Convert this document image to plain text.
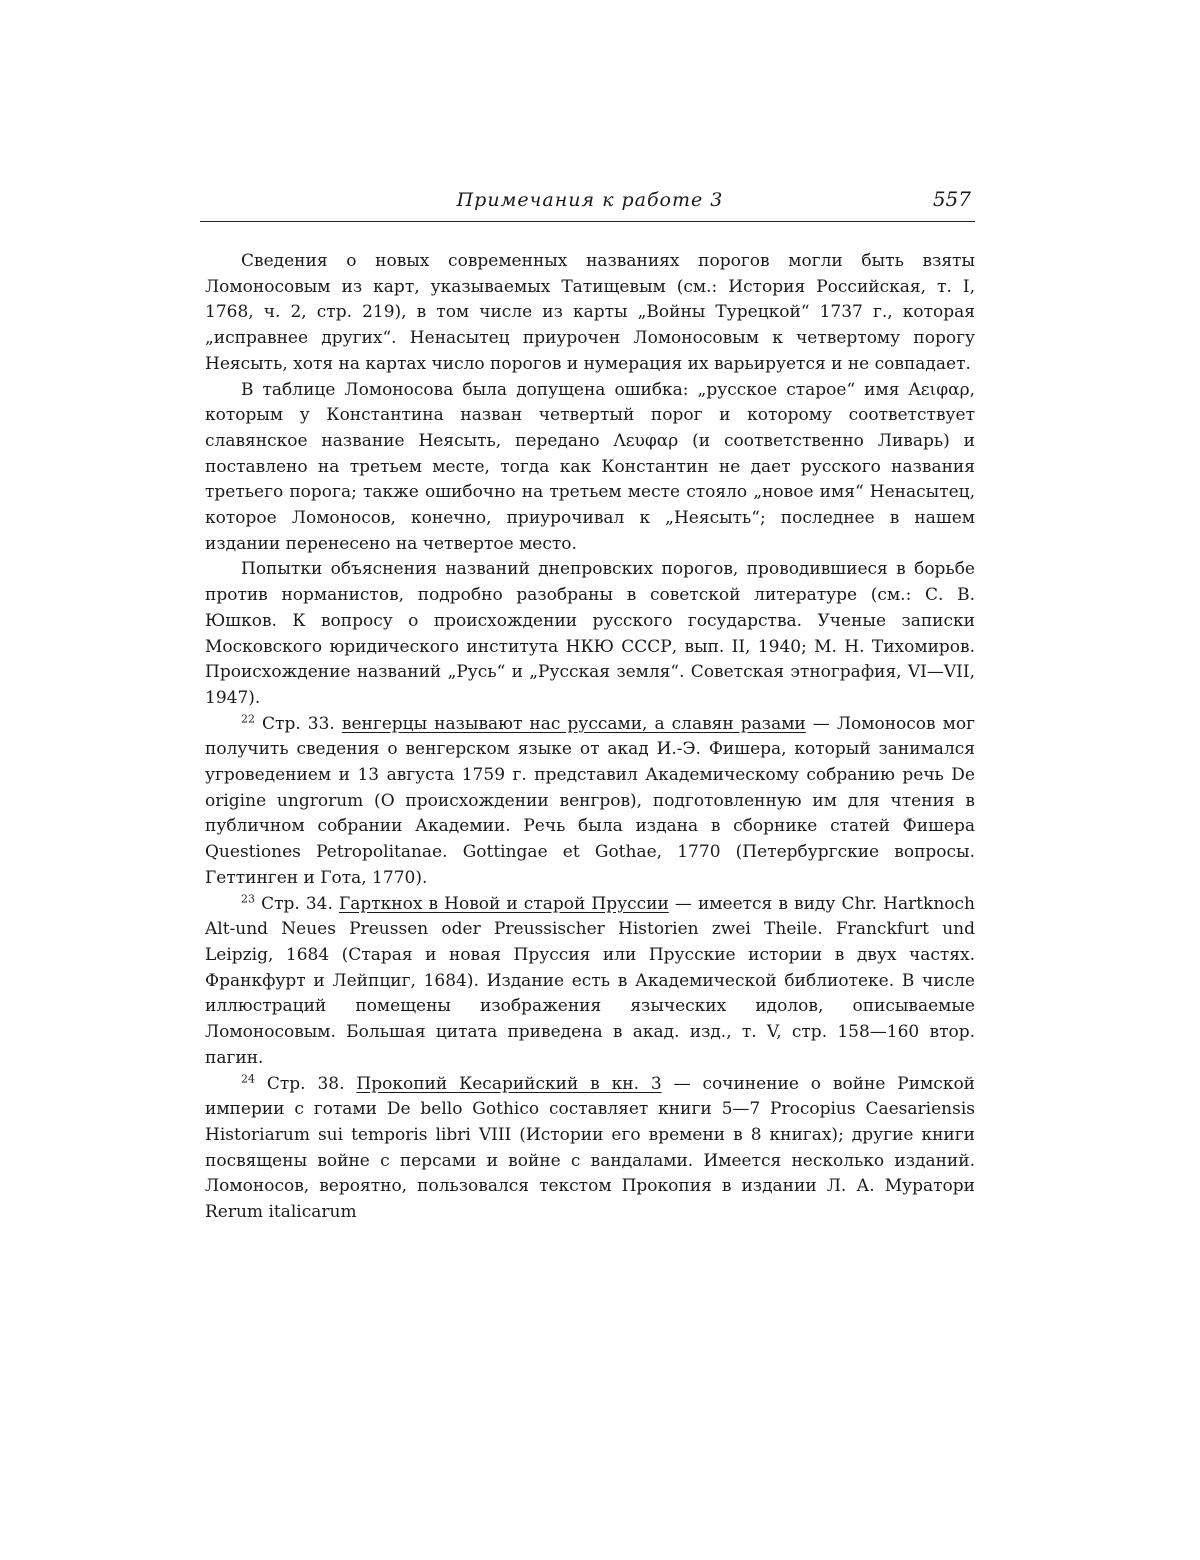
Примечания к работе 3	557

Сведения о новых современных названиях порогов могли быть взяты Ломоносовым из карт, указываемых Татищевым (см.: История Российская, т. I, 1768, ч. 2, стр. 219), в том числе из карты „Войны Турецкой“ 1737 г., которая „исправнее других“. Ненасытец приурочен Ломоносовым к четвертому порогу Неясыть, хотя на картах число порогов и нумерация их варьируется и не совпадает.

В таблице Ломоносова была допущена ошибка: „русское старое“ имя Αειφαρ, которым у Константина назван четвертый порог и которому соответствует славянское название Неясыть, передано Λευφαρ (и соответственно Ливарь) и поставлено на третьем месте, тогда как Константин не дает русского названия третьего порога; также ошибочно на третьем месте стояло „новое имя“ Ненасытец, которое Ломоносов, конечно, приурочивал к „Неясыть“; последнее в нашем издании перенесено на четвертое место.

Попытки объяснения названий днепровских порогов, проводившиеся в борьбе против норманистов, подробно разобраны в советской литературе (см.: С. В. Юшков. К вопросу о происхождении русского государства. Ученые записки Московского юридического института НКЮ СССР, вып. II, 1940; М. Н. Тихомиров. Происхождение названий „Русь“ и „Русская земля“. Советская этнография, VI—VII, 1947).

22 Стр. 33. венгерцы называют нас руссами, а славян разами — Ломоносов мог получить сведения о венгерском языке от акад И.-Э. Фишера, который занимался угроведением и 13 августа 1759 г. представил Академическому собранию речь De origine ungrorum (О происхождении венгров), подготовленную им для чтения в публичном собрании Академии. Речь была издана в сборнике статей Фишера Questiones Petropolitanae. Gottingae et Gothae, 1770 (Петербургские вопросы. Геттинген и Гота, 1770).

23 Стр. 34. Гарткнох в Новой и старой Пруссии — имеется в виду Chr. Hartknoch Alt-und Neues Preussen oder Preussischer Historien zwei Theile. Franckfurt und Leipzig, 1684 (Старая и новая Пруссия или Прусские истории в двух частях. Франкфурт и Лейпциг, 1684). Издание есть в Академической библиотеке. В числе иллюстраций помещены изображения языческих идолов, описываемые Ломоносовым. Большая цитата приведена в акад. изд., т. V, стр. 158—160 втор. пагин.

24 Стр. 38. Прокопий Кесарийский в кн. 3 — сочинение о войне Римской империи с готами De bello Gothico составляет книги 5—7 Procopius Caesariensis Historiarum sui temporis libri VIII (Истории его времени в 8 книгах); другие книги посвящены войне с персами и войне с вандалами. Имеется несколько изданий. Ломоносов, вероятно, пользовался текстом Прокопия в издании Л. А. Муратори Rerum italicarum
